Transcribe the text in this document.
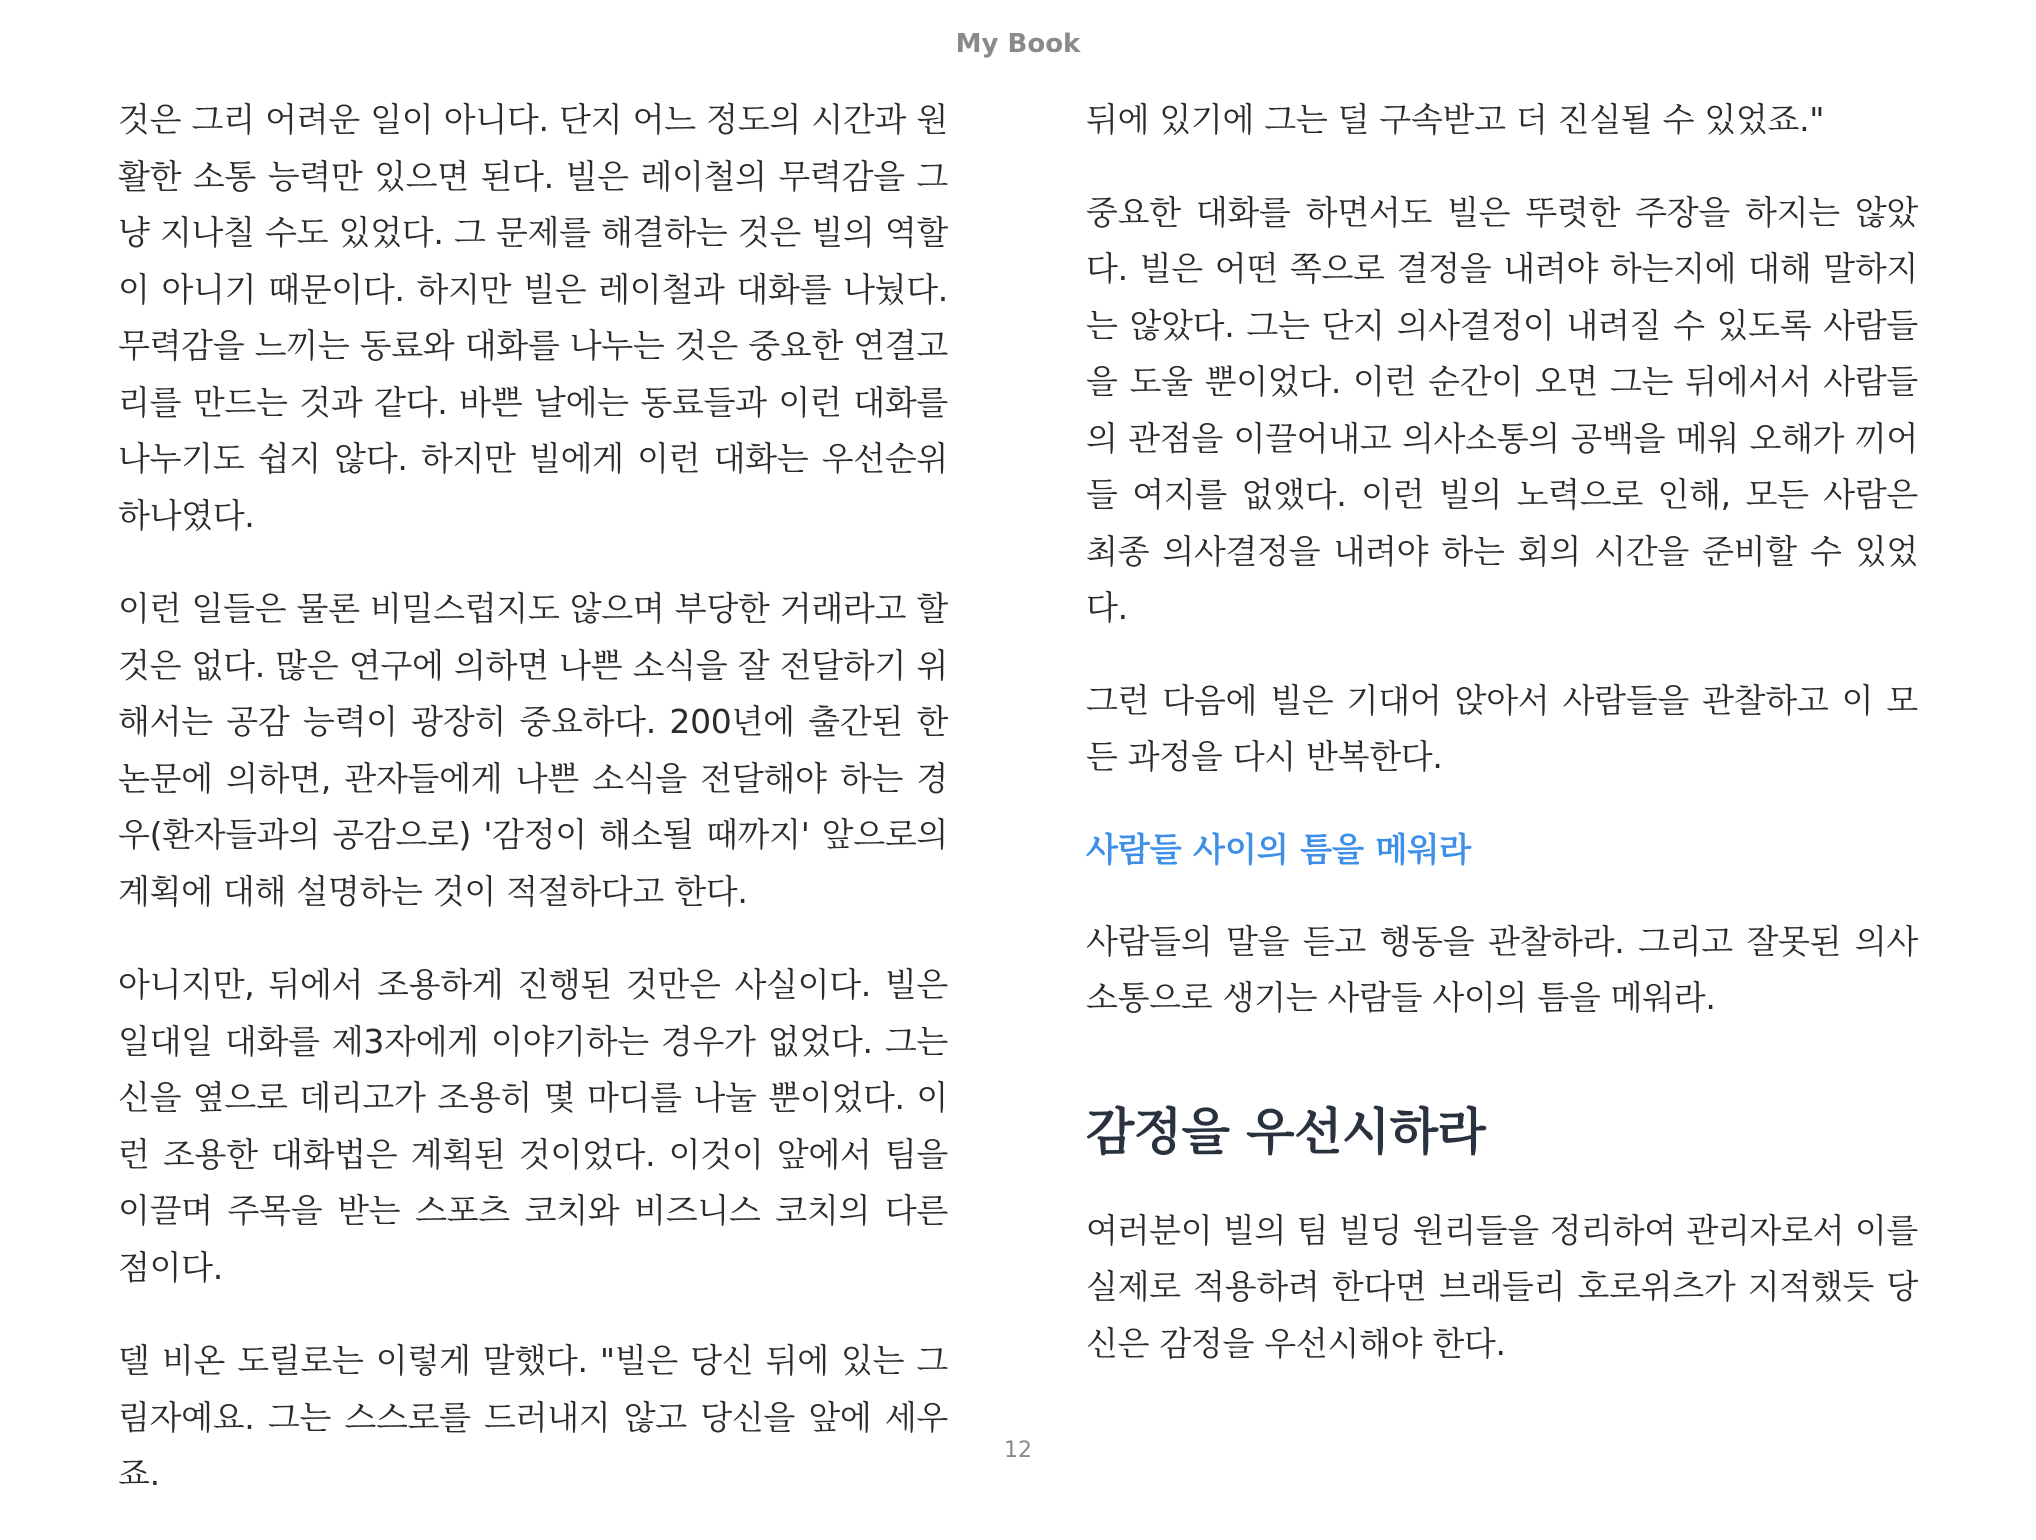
My Book

것은 그리 어려운 일이 아니다. 단지 어느 정도의 시간과 원활한 소통 능력만 있으면 된다. 빌은 레이철의 무력감을 그냥 지나칠 수도 있었다. 그 문제를 해결하는 것은 빌의 역할이 아니기 때문이다. 하지만 빌은 레이철과 대화를 나눴다. 무력감을 느끼는 동료와 대화를 나누는 것은 중요한 연결고리를 만드는 것과 같다. 바쁜 날에는 동료들과 이런 대화를 나누기도 쉽지 않다. 하지만 빌에게 이런 대화는 우선순위 하나였다.

이런 일들은 물론 비밀스럽지도 않으며 부당한 거래라고 할 것은 없다. 많은 연구에 의하면 나쁜 소식을 잘 전달하기 위해서는 공감 능력이 광장히 중요하다. 200년에 출간된 한 논문에 의하면, 관자들에게 나쁜 소식을 전달해야 하는 경우(환자들과의 공감으로) '감정이 해소될 때까지' 앞으로의 계획에 대해 설명하는 것이 적절하다고 한다.

아니지만, 뒤에서 조용하게 진행된 것만은 사실이다. 빌은 일대일 대화를 제3자에게 이야기하는 경우가 없었다. 그는 신을 옆으로 데리고가 조용히 몇 마디를 나눌 뿐이었다. 이런 조용한 대화법은 계획된 것이었다. 이것이 앞에서 팀을 이끌며 주목을 받는 스포츠 코치와 비즈니스 코치의 다른 점이다.

델 비온 도릴로는 이렇게 말했다. "빌은 당신 뒤에 있는 그림자예요. 그는 스스로를 드러내지 않고 당신을 앞에 세우죠.

뒤에 있기에 그는 덜 구속받고 더 진실될 수 있었죠."

중요한 대화를 하면서도 빌은 뚜렷한 주장을 하지는 않았다. 빌은 어떤 쪽으로 결정을 내려야 하는지에 대해 말하지는 않았다. 그는 단지 의사결정이 내려질 수 있도록 사람들을 도울 뿐이었다. 이런 순간이 오면 그는 뒤에서서 사람들의 관점을 이끌어내고 의사소통의 공백을 메워 오해가 끼어들 여지를 없앴다. 이런 빌의 노력으로 인해, 모든 사람은 최종 의사결정을 내려야 하는 회의 시간을 준비할 수 있었다.

그런 다음에 빌은 기대어 앉아서 사람들을 관찰하고 이 모든 과정을 다시 반복한다.

사람들 사이의 틈을 메워라

사람들의 말을 듣고 행동을 관찰하라. 그리고 잘못된 의사소통으로 생기는 사람들 사이의 틈을 메워라.

감정을 우선시하라

여러분이 빌의 팀 빌딩 원리들을 정리하여 관리자로서 이를 실제로 적용하려 한다면 브래들리 호로위츠가 지적했듯 당신은 감정을 우선시해야 한다.

12
